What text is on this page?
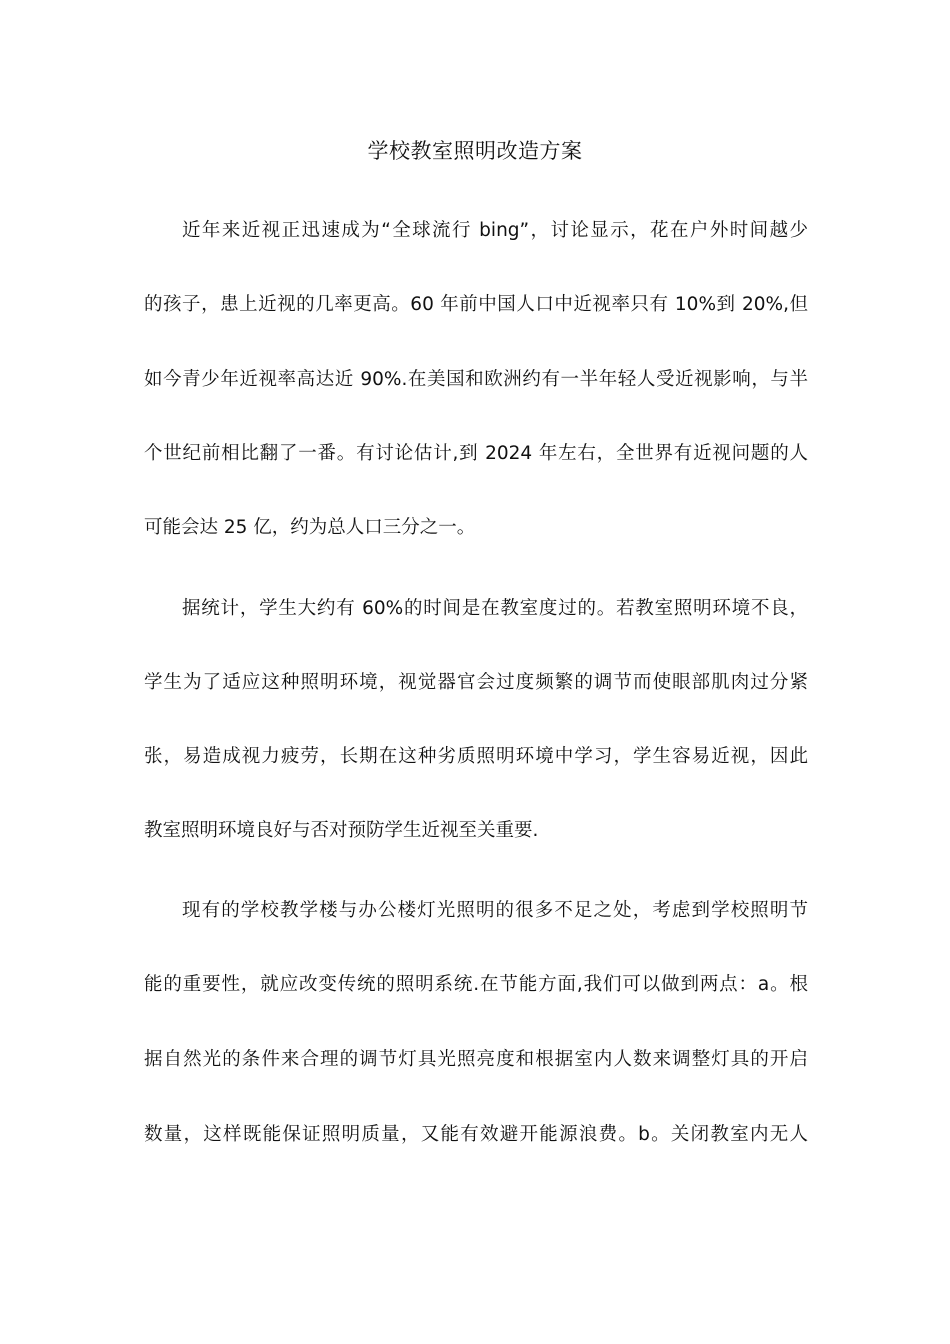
学校教室照明改造方案
近年来近视正迅速成为“全球流行 bing”，讨论显示，花在户外时间越少
的孩子，患上近视的几率更高。60 年前中国人口中近视率只有 10%到 20%,但
如今青少年近视率高达近 90%.在美国和欧洲约有一半年轻人受近视影响，与半
个世纪前相比翻了一番。有讨论估计,到 2024 年左右，全世界有近视问题的人
可能会达 25 亿，约为总人口三分之一。
据统计，学生大约有 60%的时间是在教室度过的。若教室照明环境不良，
学生为了适应这种照明环境，视觉器官会过度频繁的调节而使眼部肌肉过分紧
张，易造成视力疲劳，长期在这种劣质照明环境中学习，学生容易近视，因此
教室照明环境良好与否对预防学生近视至关重要.
现有的学校教学楼与办公楼灯光照明的很多不足之处，考虑到学校照明节
能的重要性，就应改变传统的照明系统.在节能方面,我们可以做到两点：a。根
据自然光的条件来合理的调节灯具光照亮度和根据室内人数来调整灯具的开启
数量，这样既能保证照明质量，又能有效避开能源浪费。b。关闭教室内无人
